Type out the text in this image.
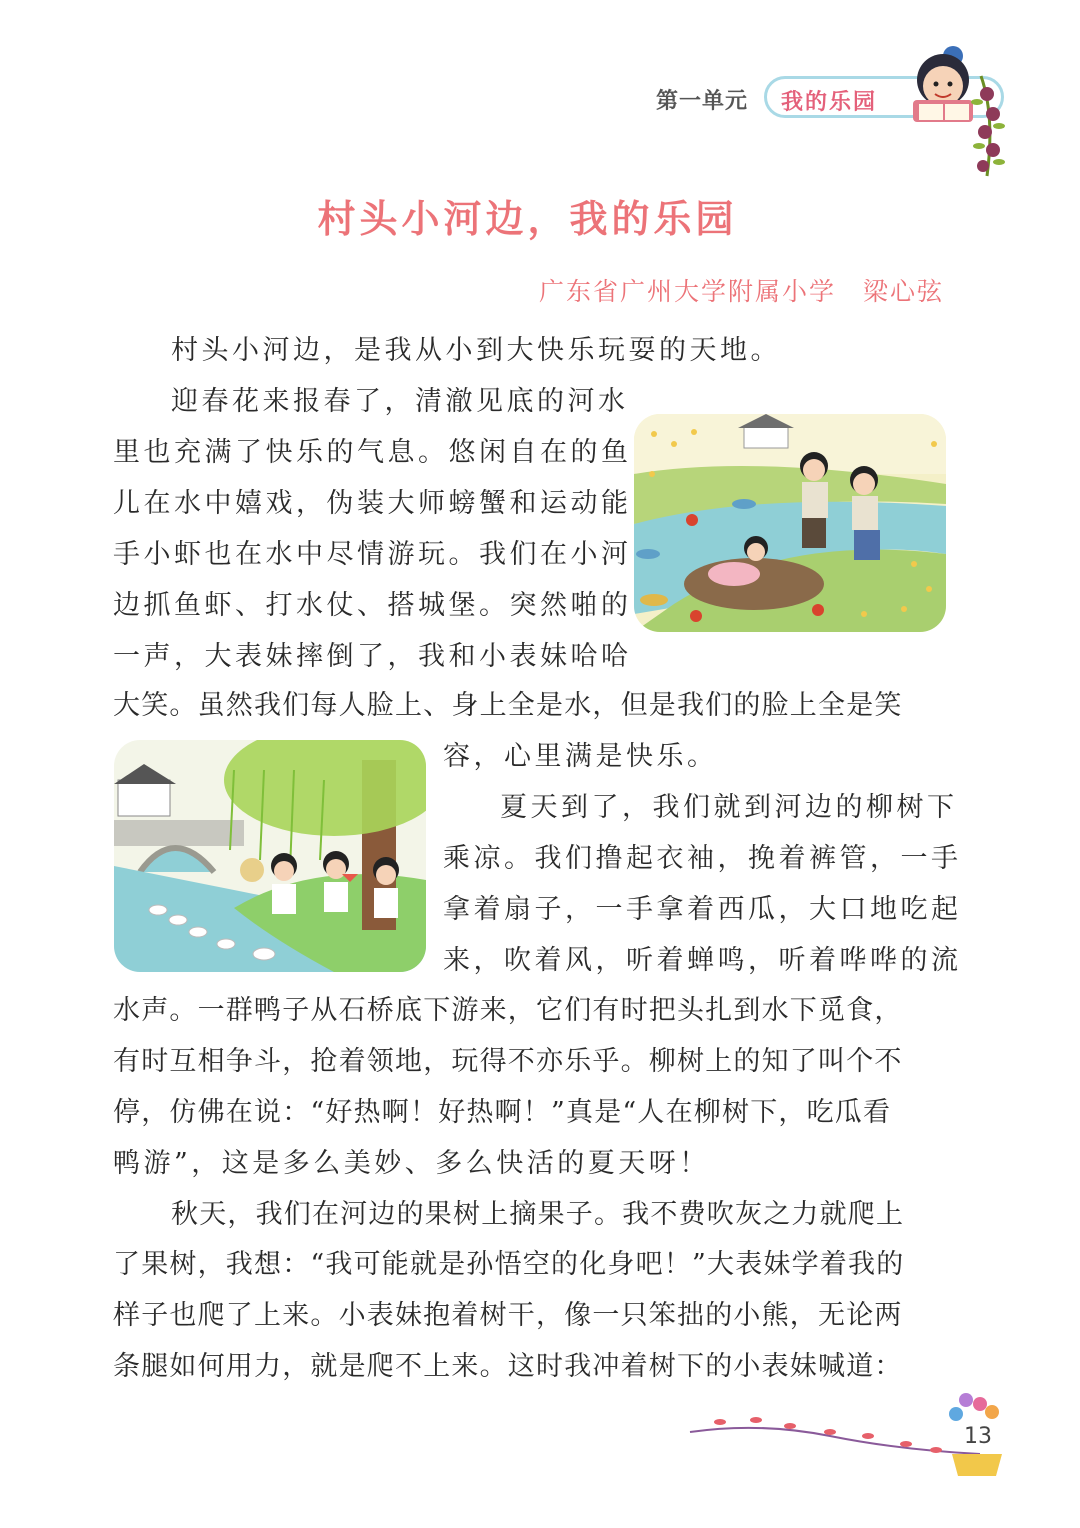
第一单元 我的乐园
村头小河边，我的乐园
广东省广州大学附属小学　梁心弦
村头小河边，是我从小到大快乐玩耍的天地。
迎春花来报春了，清澈见底的河水
里也充满了快乐的气息。悠闲自在的鱼
儿在水中嬉戏，伪装大师螃蟹和运动能
手小虾也在水中尽情游玩。我们在小河
边抓鱼虾、打水仗、搭城堡。突然啪的
一声，大表妹摔倒了，我和小表妹哈哈
大笑。虽然我们每人脸上、身上全是水，但是我们的脸上全是笑
容，心里满是快乐。
夏天到了，我们就到河边的柳树下
乘凉。我们撸起衣袖，挽着裤管，一手
拿着扇子，一手拿着西瓜，大口地吃起
来，吹着风，听着蝉鸣，听着哗哗的流
水声。一群鸭子从石桥底下游来，它们有时把头扎到水下觅食，
有时互相争斗，抢着领地，玩得不亦乐乎。柳树上的知了叫个不
停，仿佛在说：“好热啊！好热啊！”真是“人在柳树下，吃瓜看
鸭游”，这是多么美妙、多么快活的夏天呀！
秋天，我们在河边的果树上摘果子。我不费吹灰之力就爬上
了果树，我想：“我可能就是孙悟空的化身吧！”大表妹学着我的
样子也爬了上来。小表妹抱着树干，像一只笨拙的小熊，无论两
条腿如何用力，就是爬不上来。这时我冲着树下的小表妹喊道：
13
